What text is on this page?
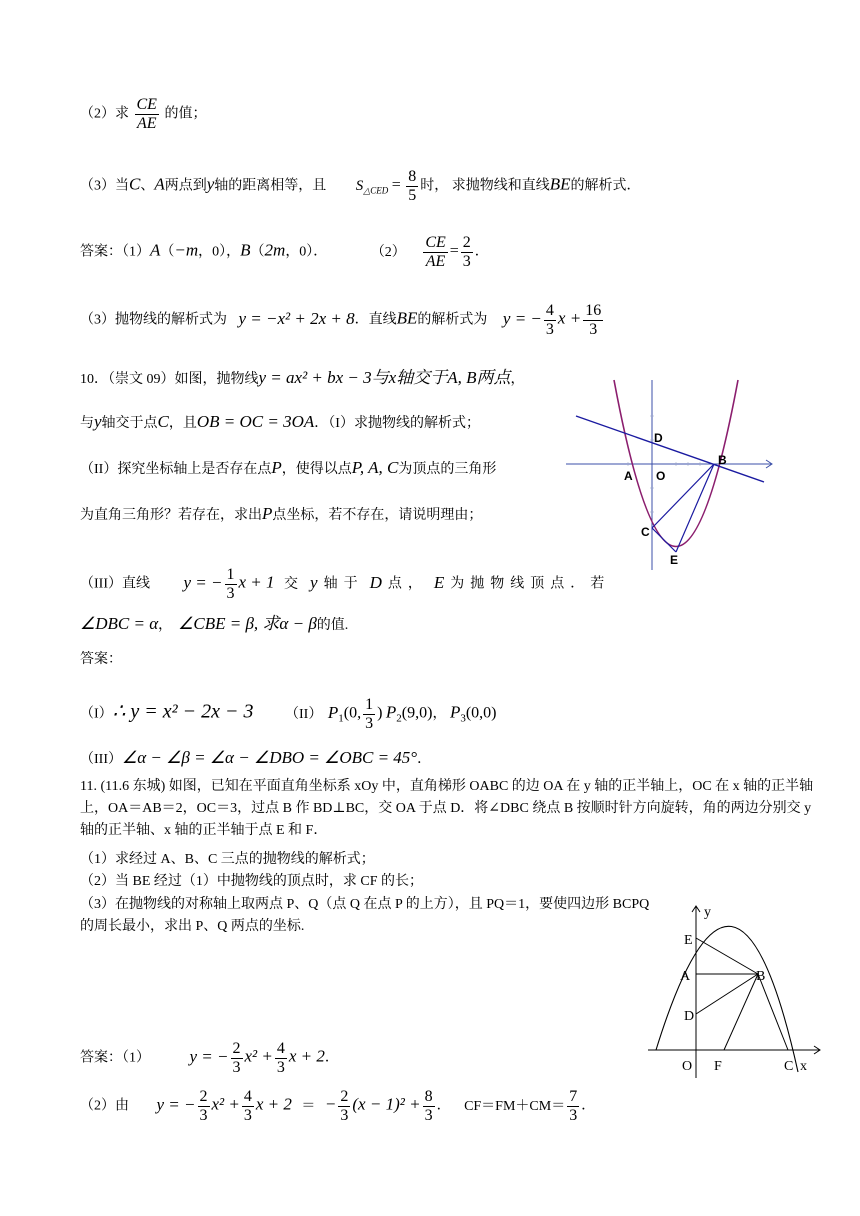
（2）求 $\frac{CE}{AE}$ 的值；
（3）当C、A两点到y轴的距离相等，且 $S_{\triangle CED} = \frac{8}{5}$ 时， 求抛物线和直线BE的解析式．
答案：（1）A（−m，0），B（2m，0）．	$(2) \frac{CE}{AE} = \frac{2}{3}$ ．
（3）抛物线的解析式为 y = −x² + 2x + 8．直线BE的解析式为 y = − $\frac{4}{3}$ $x + \frac{16}{3}$
10．（崇文 09）如图，抛物线y = ax² + bx − 3与x轴交于A, B两点，
与y轴交于点C，且OB = OC = 3OA．（I）求抛物线的解析式；
（II）探究坐标轴上是否存在点P，使得以点P, A, C为顶点的三角形
为直角三角形？若存在，求出P点坐标，若不存在，请说明理由；
（III）直线 y = − $\frac{1}{3}$ x + 1 交 y 轴于 D 点， E 为抛物线顶点．若
∠DBC = α， ∠CBE = β, 求α − β的值.
答案：
（I）∴ y = x² − 2x − 3 （II） $P_1(0$, $\frac{1}{3}$ ) $P_2(9,0)$， $P_3(0,0)$
（III）∠α − ∠β = ∠α − ∠DBO = ∠OBC = 45°．
D
A O
B
C
E
11. (11.6 东城) 如图，已知在平面直角坐标系 xOy 中，直角梯形 OABC 的边 OA 在 y 轴的正半轴上，OC 在 x 轴的正半轴上，OA＝AB＝2，OC＝3，过点 B 作 BD⊥BC，交 OA 于点 D．将∠DBC 绕点 B 按顺时针方向旋转，角的两边分别交 y 轴的正半轴、x 轴的正半轴于点 E 和 F．
（1）求经过 A、B、C 三点的抛物线的解析式；
（2）当 BE 经过（1）中抛物线的顶点时，求 CF 的长；
（3）在抛物线的对称轴上取两点 P、Q（点 Q 在点 P 的上方），且 PQ＝1，要使四边形 BCPQ 的周长最小，求出 P、Q 两点的坐标.
答案：（1） y = − $\frac{2}{3} x^2 + \frac{4}{3}$ x + 2．
（2）由 y = − $\frac{2}{3} x^2 + \frac{4}{3}$ x + 2 ＝ − $\frac{2}{3} (x - 1)^2 + \frac{8}{3}$ ． $CF=FM+CM= \frac{7}{3}$ ．
y
E
A	B
D
O F	C x
